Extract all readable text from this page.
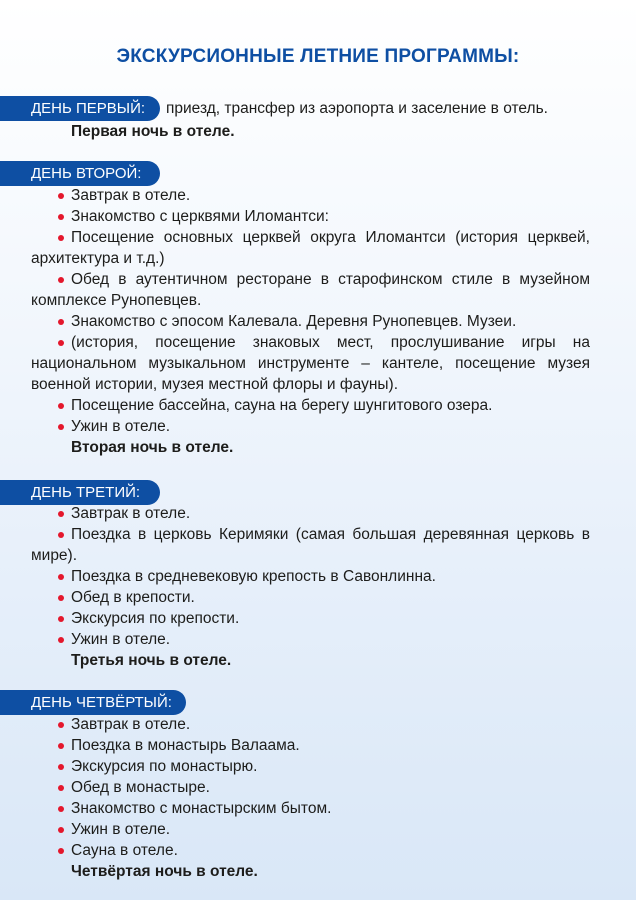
ЭКСКУРСИОННЫЕ ЛЕТНИЕ ПРОГРАММЫ:
ДЕНЬ ПЕРВЫЙ:	приезд, трансфер из аэропорта и заселение в отель.
Первая ночь в отеле.
ДЕНЬ ВТОРОЙ:
Завтрак в отеле.
Знакомство с церквями Иломантси:
Посещение основных церквей округа Иломантси (история церквей, архитектура и т.д.)
Обед в аутентичном ресторане в старофинском стиле в музейном комплексе Рунопевцев.
Знакомство с эпосом Калевала. Деревня Рунопевцев. Музеи.
(история, посещение знаковых мест, прослушивание игры на национальном музыкальном инструменте – кантеле, посещение музея военной истории, музея местной флоры и фауны).
Посещение бассейна, сауна на берегу шунгитового озера.
Ужин в отеле.
Вторая ночь в отеле.
ДЕНЬ ТРЕТИЙ:
Завтрак в отеле.
Поездка в церковь Керимяки (самая большая деревянная церковь в мире).
Поездка в средневековую крепость в Савонлинна.
Обед в крепости.
Экскурсия по крепости.
Ужин в отеле.
Третья ночь в отеле.
ДЕНЬ ЧЕТВЁРТЫЙ:
Завтрак в отеле.
Поездка в монастырь Валаама.
Экскурсия по монастырю.
Обед в монастыре.
Знакомство с монастырским бытом.
Ужин в отеле.
Сауна в отеле.
Четвёртая ночь в отеле.
